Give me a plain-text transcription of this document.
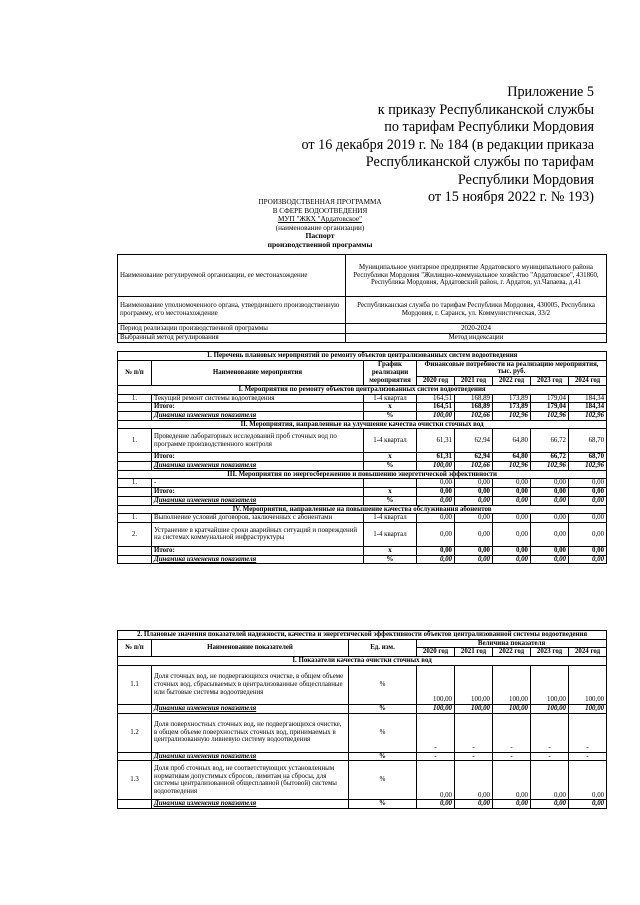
Приложение 5
к приказу Республиканской службы
по тарифам Республики Мордовия
от 16 декабря 2019 г. № 184 (в редакции приказа
Республиканской службы по тарифам
Республики Мордовия
от 15 ноября 2022 г. № 193)
ПРОИЗВОДСТВЕННАЯ ПРОГРАММА
В СФЕРЕ ВОДООТВЕДЕНИЯ
МУП "ЖКХ "Ардатовское"
(наименование организации)
Паспорт
производственной программы
Наименование регулируемой организации, ее местонахождение	Муниципальное унитарное предприятие Ардатовского муниципального района Республики Мордовия "Жилищно-коммунальное хозяйство "Ардатовское", 431860, Республика Мордовия, Ардатовский район, г. Ардатов, ул.Чапаева, д.41
Наименование уполномоченного органа, утвердившего производственную программу, его местонахождение	Республиканская служба по тарифам Республики Мордовия, 430005, Республика Мордовия, г. Саранск, ул. Коммунистическая, 33/2
Период реализации производственной программы	2020-2024
Выбранный метод регулирования	Метод индексации
1. Перечень плановых мероприятий по ремонту объектов централизованных систем водоотведения							
№ п/п	Наименование мероприятия	График реализации мероприятия	Финансовые потребности на реализацию мероприятия, тыс. руб.				
			2020 год	2021 год	2022 год	2023 год	2024 год
I. Мероприятия по ремонту объектов централизованных систем водоотведения							
1.	Текущий ремонт системы водоотведения	1-4 квартал	164,51	168,89	173,89	179,04	184,34
	Итого:	х	164,51	168,89	173,89	179,04	184,34
	Динамика изменения показателя	%	100,00	102,66	102,96	102,96	102,96
II. Мероприятия, направленные на улучшение качества очистки сточных вод							
1.	Проведение лабораторных исследований проб сточных вод по программе производственного контроля	1-4 квартал	61,31	62,94	64,80	66,72	68,70
	Итого:	х	61,31	62,94	64,80	66,72	68,70
	Динамика изменения показателя	%	100,00	102,66	102,96	102,96	102,96
III. Мероприятия по энергосбережению и повышению энергетической эффективности							
1.	-		0,00	0,00	0,00	0,00	0,00
	Итого:	х	0,00	0,00	0,00	0,00	0,00
	Динамика изменения показателя	%	0,00	0,00	0,00	0,00	0,00
IV. Мероприятия, направленные на повышение качества обслуживания абонентов							
1.	Выполнение условий договоров, заключенных с абонентами	1-4 квартал	0,00	0,00	0,00	0,00	0,00
2.	Устранение в кратчайшие сроки аварийных ситуаций и повреждений на системах коммунальной инфраструктуры	1-4 квартал	0,00	0,00	0,00	0,00	0,00
	Итого:	х	0,00	0,00	0,00	0,00	0,00
	Динамика изменения показателя	%	0,00	0,00	0,00	0,00	0,00
2. Плановые значения показателей надежности, качества и энергетической эффективности объектов централизованной системы водоотведения							
№ п/п	Наименование показателей	Ед. изм.	Величина показателя				
			2020 год	2021 год	2022 год	2023 год	2024 год
I. Показатели качества очистки сточных вод							
1.1	Доля сточных вод, не подвергающихся очистке, в общем объеме сточных вод, сбрасываемых в централизованные общесплавные или бытовые системы водоотведения	%	100,00	100,00	100,00	100,00	100,00
	Динамика изменения показателя	%	100,00	100,00	100,00	100,00	100,00
1.2	Доля поверхностных сточных вод, не подвергающихся очистке, в общем объеме поверхностных сточных вод, принимаемых в централизованную ливневую систему водоотведения	%	-	-	-	-	-
	Динамика изменения показателя	%	-	-	-	-	-
1.3	Доля проб сточных вод, не соответствующих установленным нормативам допустимых сбросов, лимитам на сбросы, для системы централизованной общесплавной (бытовой) системы водоотведения	%	0,00	0,00	0,00	0,00	0,00
	Динамика изменения показателя	%	0,00	0,00	0,00	0,00	0,00
